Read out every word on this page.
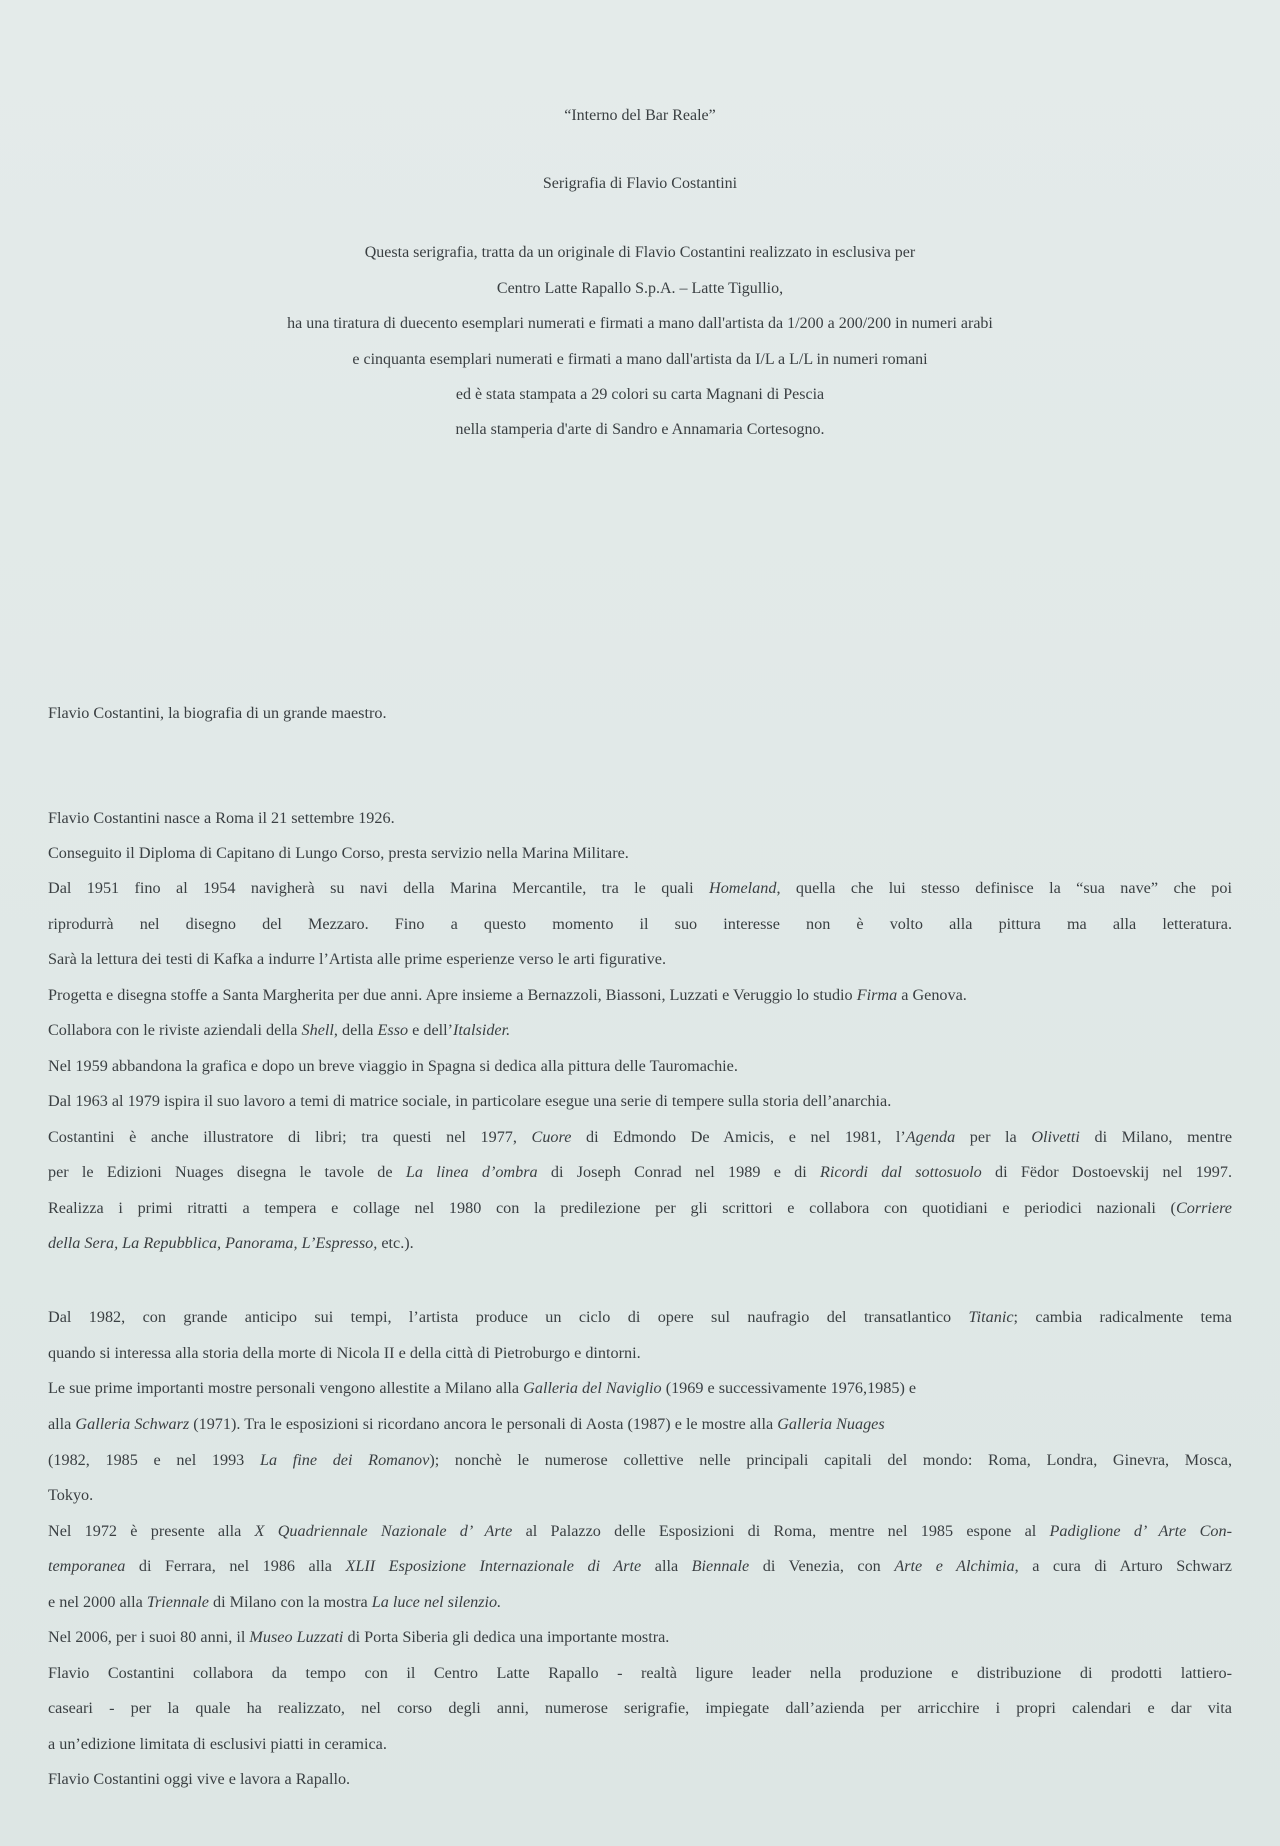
“Interno del Bar Reale”
Serigrafia di Flavio Costantini
Questa serigrafia, tratta da un originale di Flavio Costantini realizzato in esclusiva per
Centro Latte Rapallo S.p.A. – Latte Tigullio,
ha una tiratura di duecento esemplari numerati e firmati a mano dall'artista da 1/200 a 200/200 in numeri arabi
e cinquanta esemplari numerati e firmati a mano dall'artista da I/L a L/L in numeri romani
ed è stata stampata a 29 colori su carta Magnani di Pescia
nella stamperia d'arte di Sandro e Annamaria Cortesogno.
Flavio Costantini, la biografia di un grande maestro.
Flavio Costantini nasce a Roma il 21 settembre 1926.
Conseguito il Diploma di Capitano di Lungo Corso, presta servizio nella Marina Militare.
Dal 1951 fino al 1954 navigherà su navi della Marina Mercantile, tra le quali Homeland, quella che lui stesso definisce la “sua nave” che poi
riprodurrà nel disegno del Mezzaro. Fino a questo momento il suo interesse non è volto alla pittura ma alla letteratura.
Sarà la lettura dei testi di Kafka a indurre l’Artista alle prime esperienze verso le arti figurative.
Progetta e disegna stoffe a Santa Margherita per due anni. Apre insieme a Bernazzoli, Biassoni, Luzzati e Veruggio lo studio Firma a Genova.
Collabora con le riviste aziendali della Shell, della Esso e dell’Italsider.
Nel 1959 abbandona la grafica e dopo un breve viaggio in Spagna si dedica alla pittura delle Tauromachie.
Dal 1963 al 1979 ispira il suo lavoro a temi di matrice sociale, in particolare esegue una serie di tempere sulla storia dell’anarchia.
Costantini è anche illustratore di libri; tra questi nel 1977, Cuore di Edmondo De Amicis, e nel 1981, l’Agenda per la Olivetti di Milano, mentre
per le Edizioni Nuages disegna le tavole de La linea d’ombra di Joseph Conrad nel 1989 e di Ricordi dal sottosuolo di Fëdor Dostoevskij nel 1997.
Realizza i primi ritratti a tempera e collage nel 1980 con la predilezione per gli scrittori e collabora con quotidiani e periodici nazionali (Corriere
della Sera, La Repubblica, Panorama, L’Espresso, etc.).
Dal 1982, con grande anticipo sui tempi, l’artista produce un ciclo di opere sul naufragio del transatlantico Titanic; cambia radicalmente tema
quando si interessa alla storia della morte di Nicola II e della città di Pietroburgo e dintorni.
Le sue prime importanti mostre personali vengono allestite a Milano alla Galleria del Naviglio (1969 e successivamente 1976,1985) e
alla Galleria Schwarz (1971). Tra le esposizioni si ricordano ancora le personali di Aosta (1987) e le mostre alla Galleria Nuages
(1982, 1985 e nel 1993 La fine dei Romanov); nonchè le numerose collettive nelle principali capitali del mondo: Roma, Londra, Ginevra, Mosca,
Tokyo.
Nel 1972 è presente alla X Quadriennale Nazionale d’ Arte al Palazzo delle Esposizioni di Roma, mentre nel 1985 espone al Padiglione d’ Arte Con-
temporanea di Ferrara, nel 1986 alla XLII Esposizione Internazionale di Arte alla Biennale di Venezia, con Arte e Alchimia, a cura di Arturo Schwarz
e nel 2000 alla Triennale di Milano con la mostra La luce nel silenzio.
Nel 2006, per i suoi 80 anni, il Museo Luzzati di Porta Siberia gli dedica una importante mostra.
Flavio Costantini collabora da tempo con il Centro Latte Rapallo - realtà ligure leader nella produzione e distribuzione di prodotti lattiero-
caseari - per la quale ha realizzato, nel corso degli anni, numerose serigrafie, impiegate dall’azienda per arricchire i propri calendari e dar vita
a un’edizione limitata di esclusivi piatti in ceramica.
Flavio Costantini oggi vive e lavora a Rapallo.
